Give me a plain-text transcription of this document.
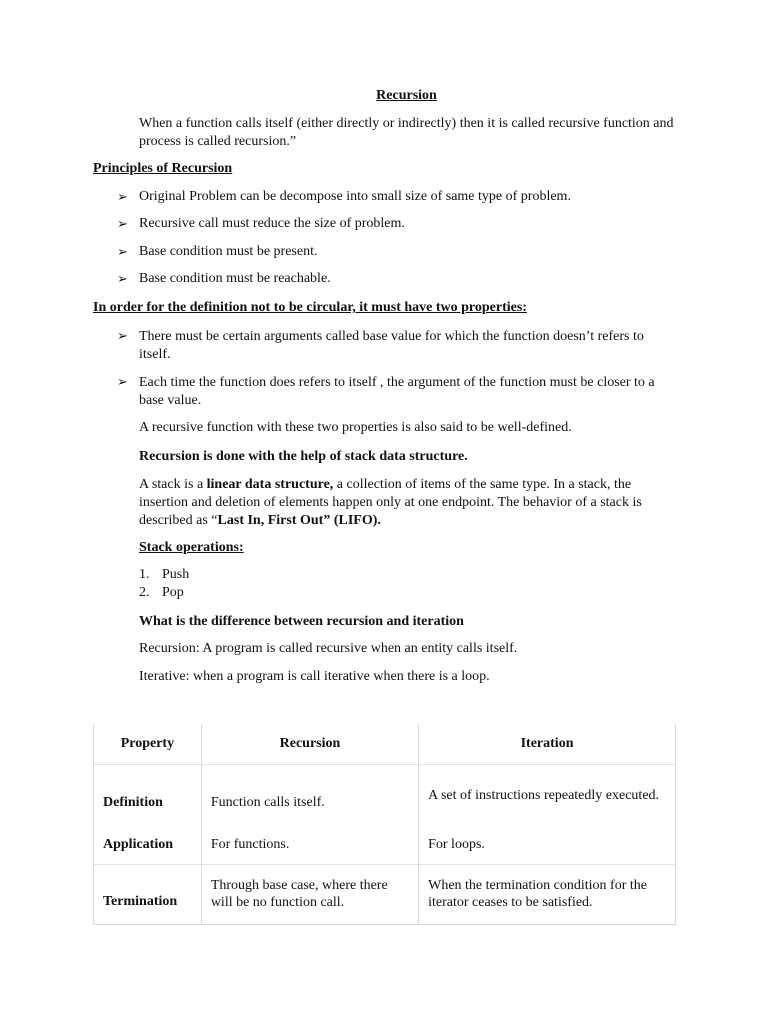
Recursion
When a function calls itself (either directly or indirectly) then it is called recursive function and process is called recursion.”
Principles of Recursion
➢ Original Problem can be decompose into small size of same type of problem.
➢ Recursive call must reduce the size of problem.
➢ Base condition must be present.
➢ Base condition must be reachable.
In order for the definition not to be circular, it must have two properties:
➢ There must be certain arguments called base value for which the function doesn’t refers to itself.
➢ Each time the function does refers to itself , the argument of the function must be closer to a base value.
A recursive function with these two properties is also said to be well-defined.
Recursion is done with the help of stack data structure.
A stack is a linear data structure, a collection of items of the same type. In a stack, the insertion and deletion of elements happen only at one endpoint. The behavior of a stack is described as “Last In, First Out” (LIFO).
Stack operations:
1. Push
2. Pop
What is the difference between recursion and iteration
Recursion: A program is called recursive when an entity calls itself.
Iterative: when a program is call iterative when there is a loop.
Property	Recursion	Iteration
Definition	Function calls itself.	A set of instructions repeatedly executed.
Application	For functions.	For loops.
Termination	Through base case, where there will be no function call.	When the termination condition for the iterator ceases to be satisfied.
